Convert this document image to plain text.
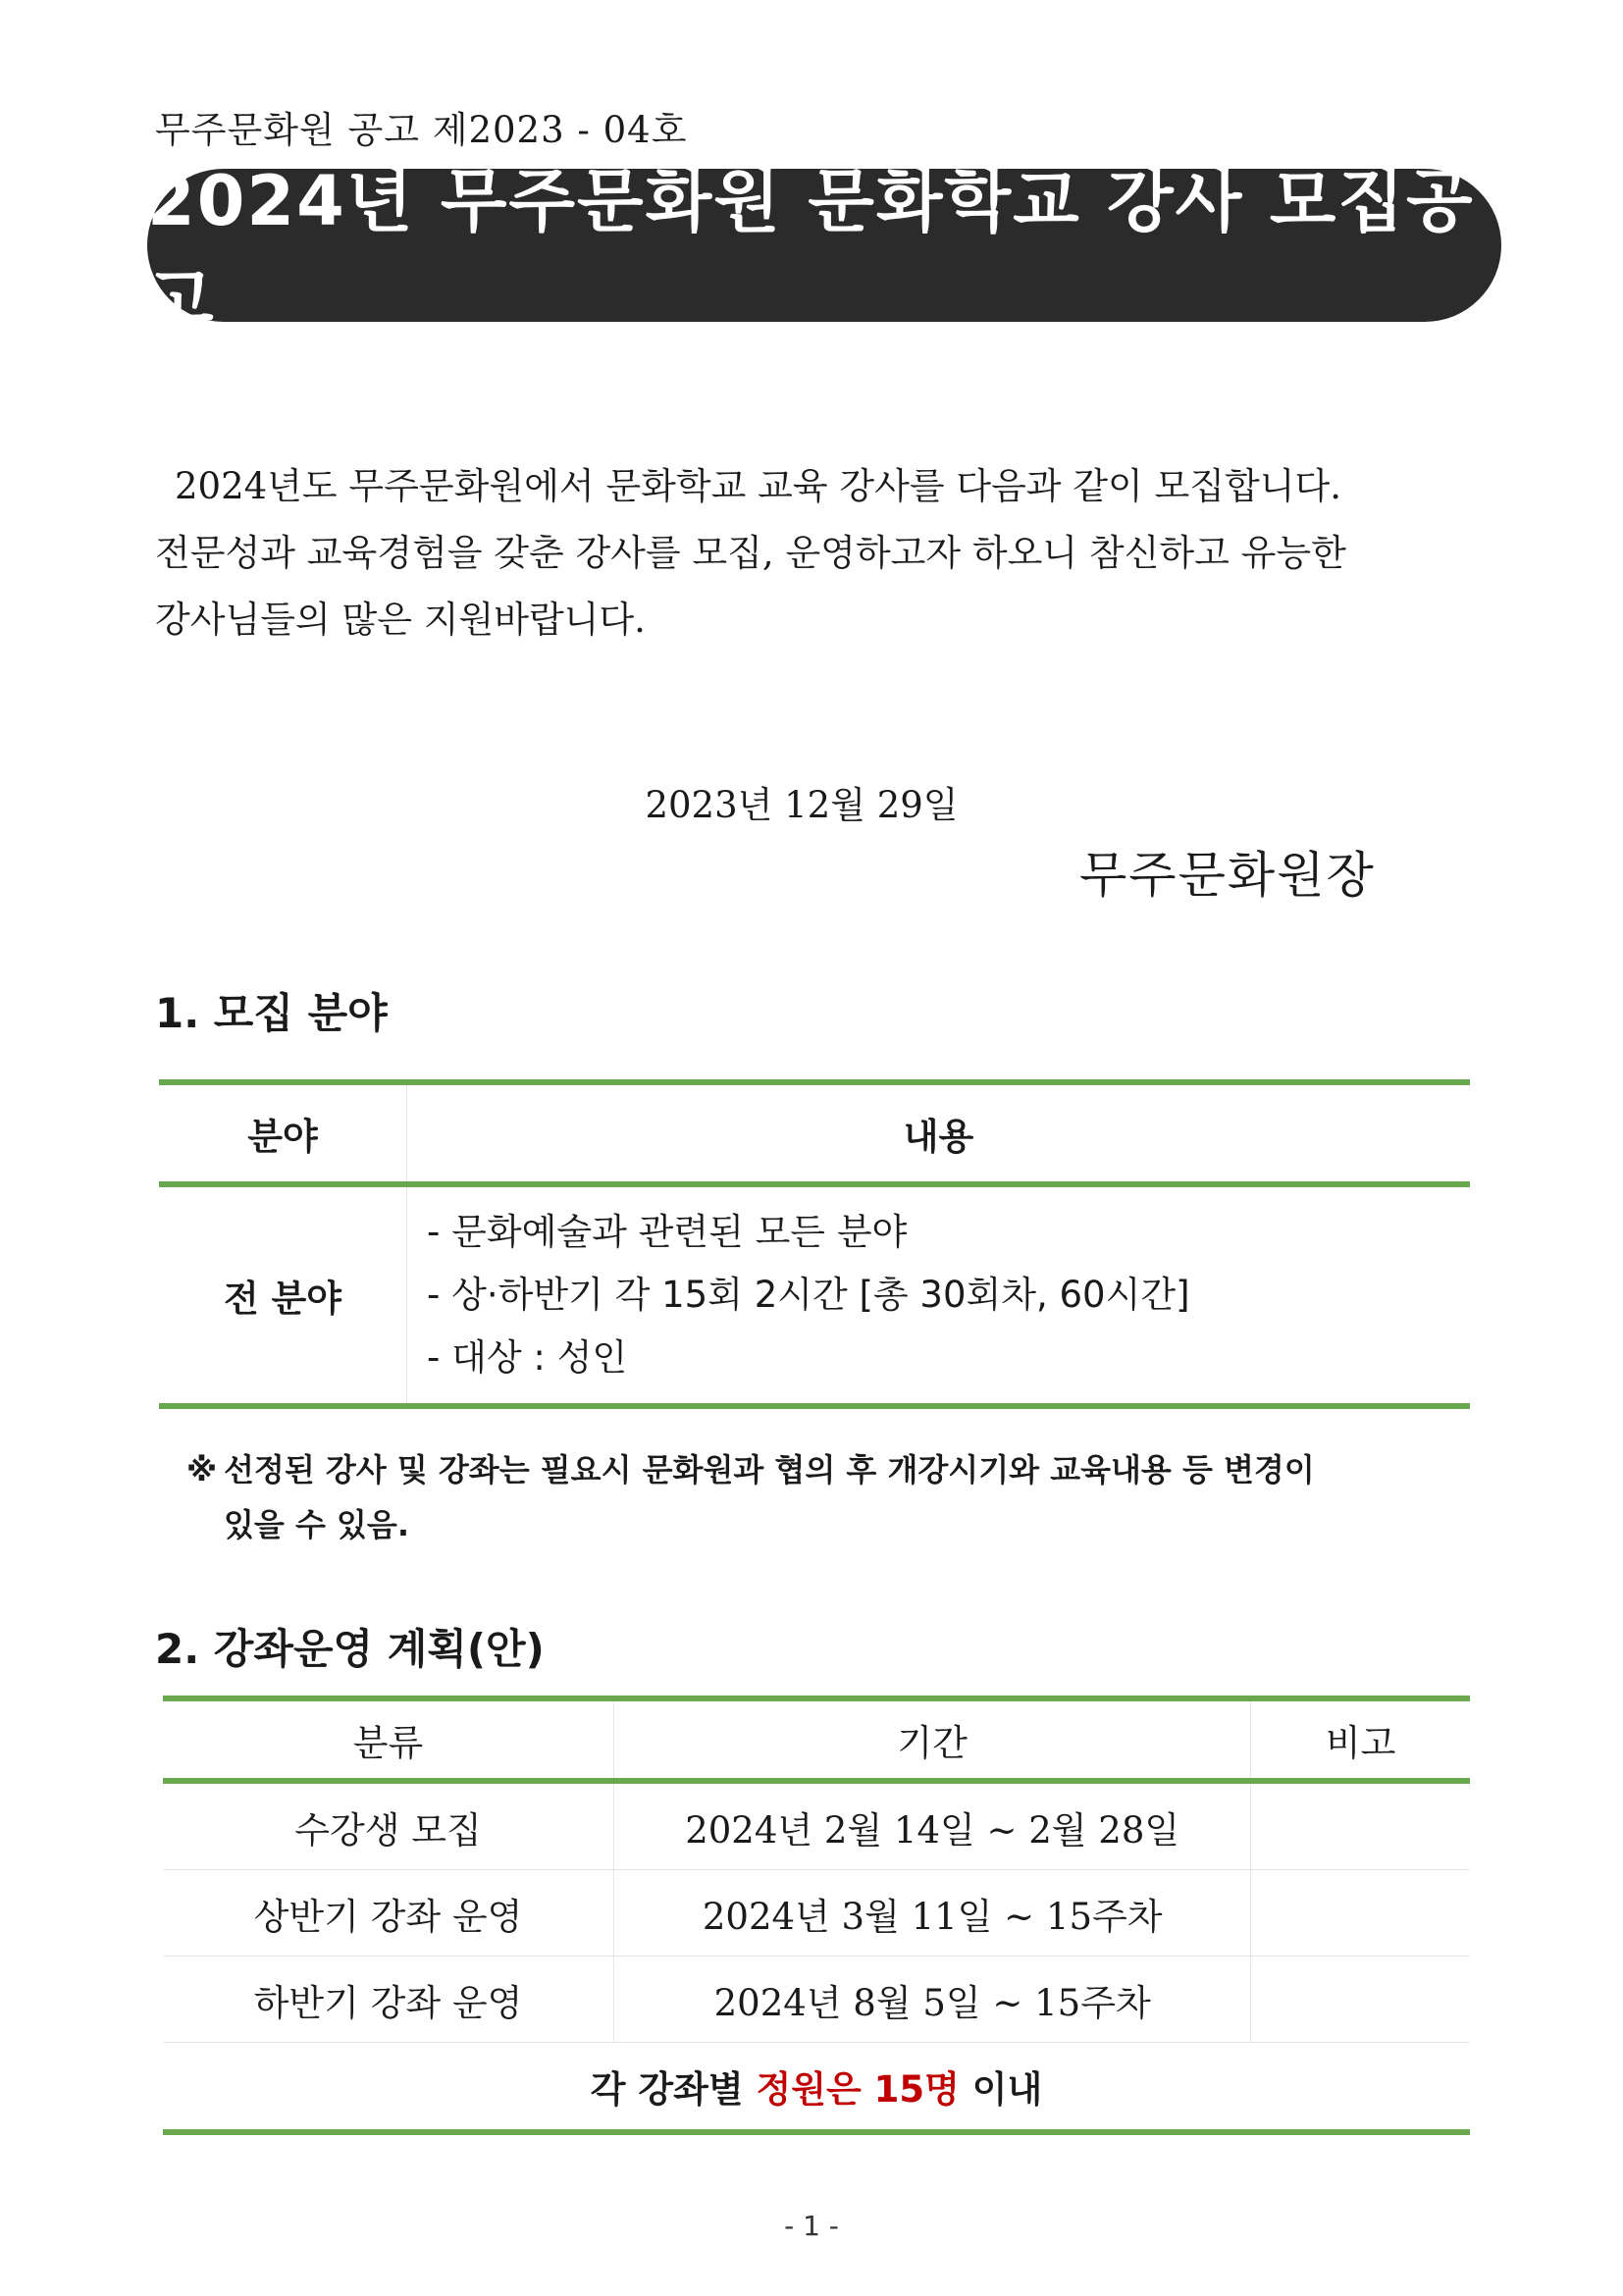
무주문화원 공고 제2023 - 04호
2024년 무주문화원 문화학교 강사 모집공고

2024년도 무주문화원에서 문화학교 교육 강사를 다음과 같이 모집합니다.

전문성과 교육경험을 갖춘 강사를 모집, 운영하고자 하오니 참신하고 유능한

강사님들의 많은 지원바랍니다.

2023년 12월 29일
무주문화원장
1. 모집 분야
분야	내용
전 분야	- 문화예술과 관련된 모든 분야
- 상·하반기 각 15회 2시간 [총 30회차, 60시간]
- 대상 : 성인
※ 선정된 강사 및 강좌는 필요시 문화원과 협의 후 개강시기와 교육내용 등 변경이
있을 수 있음.
2. 강좌운영 계획(안)
분류	기간	비고
수강생 모집	2024년 2월 14일 ~ 2월 28일	
상반기 강좌 운영	2024년 3월 11일 ~ 15주차	
하반기 강좌 운영	2024년 8월 5일 ~ 15주차	
각 강좌별 정원은 15명 이내		
- 1 -
